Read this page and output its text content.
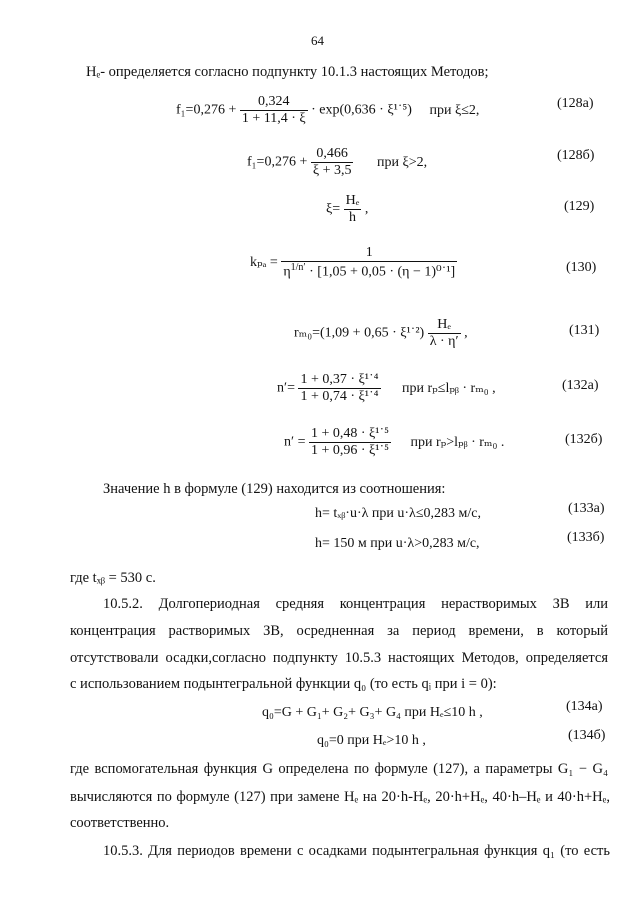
64
Hₑ- определяется согласно подпункту 10.1.3 настоящих Методов;
$f_1=0,276 + \frac{0,324}{1 + 11,4 \cdot \xi} \cdot \exp(0,636$ · ξ¹˙⁵) при ξ≤2,	(128а)
$f_1=0,276 + \frac{0,466}{\xi + 3,5}$ при ξ>2,	(128б)
$\xi= \frac{\text{Hₑ}}{h}$ ,	(129)
$k_{pa} = \frac{1}{\eta^{1/n'} \cdot [1,05 + 0,05 \cdot (\eta - 1)^0˙^1]}$	(130)
rₘ₀=(1,09 + 0,65 · ξ¹˙²) $\frac{\text{Hₑ}}{\lambda \cdot \eta'}$ ,	(131)
$n'= \frac{\text{1 + 0,37 · ξ¹˙⁴}}{\text{1 + 0,74 · ξ¹˙⁴}}$ при rₚ≤lₚᵦ · rₘ₀ ,	(132а)
$n' = \frac{\text{1 + 0,48 · ξ¹˙⁵}}{\text{1 + 0,96 · ξ¹˙⁵}}$ при rₚ>lₚᵦ · rₘ₀ .	(132б)
Значение h в формуле (129) находится из соотношения:
h= tₓᵦ·u·λ при u·λ≤0,283 м/с,	(133а)
h= 150 м при u·λ>0,283 м/с,	(133б)
где tₓᵦ = 530 с.
10.5.2. Долгопериодная средняя концентрация нерастворимых ЗВ или
концентрация растворимых ЗВ, осредненная за период времени, в который
отсутствовали осадки,согласно подпункту 10.5.3 настоящих Методов, определяется
с использованием подынтегральной функции q₀ (то есть qᵢ при i = 0):
q₀=G + G₁+ G₂+ G₃+ G₄ при Hₑ≤10 h ,	(134а)
q₀=0 при Hₑ>10 h ,	(134б)
где вспомогательная функция G определена по формуле (127), а параметры G₁ − G₄
вычисляются по формуле (127) при замене Hₑ на 20·h-Hₑ, 20·h+Hₑ, 40·h–Hₑ и 40·h+Hₑ,
соответственно.
10.5.3. Для периодов времени с осадками подынтегральная функция q₁ (то есть
